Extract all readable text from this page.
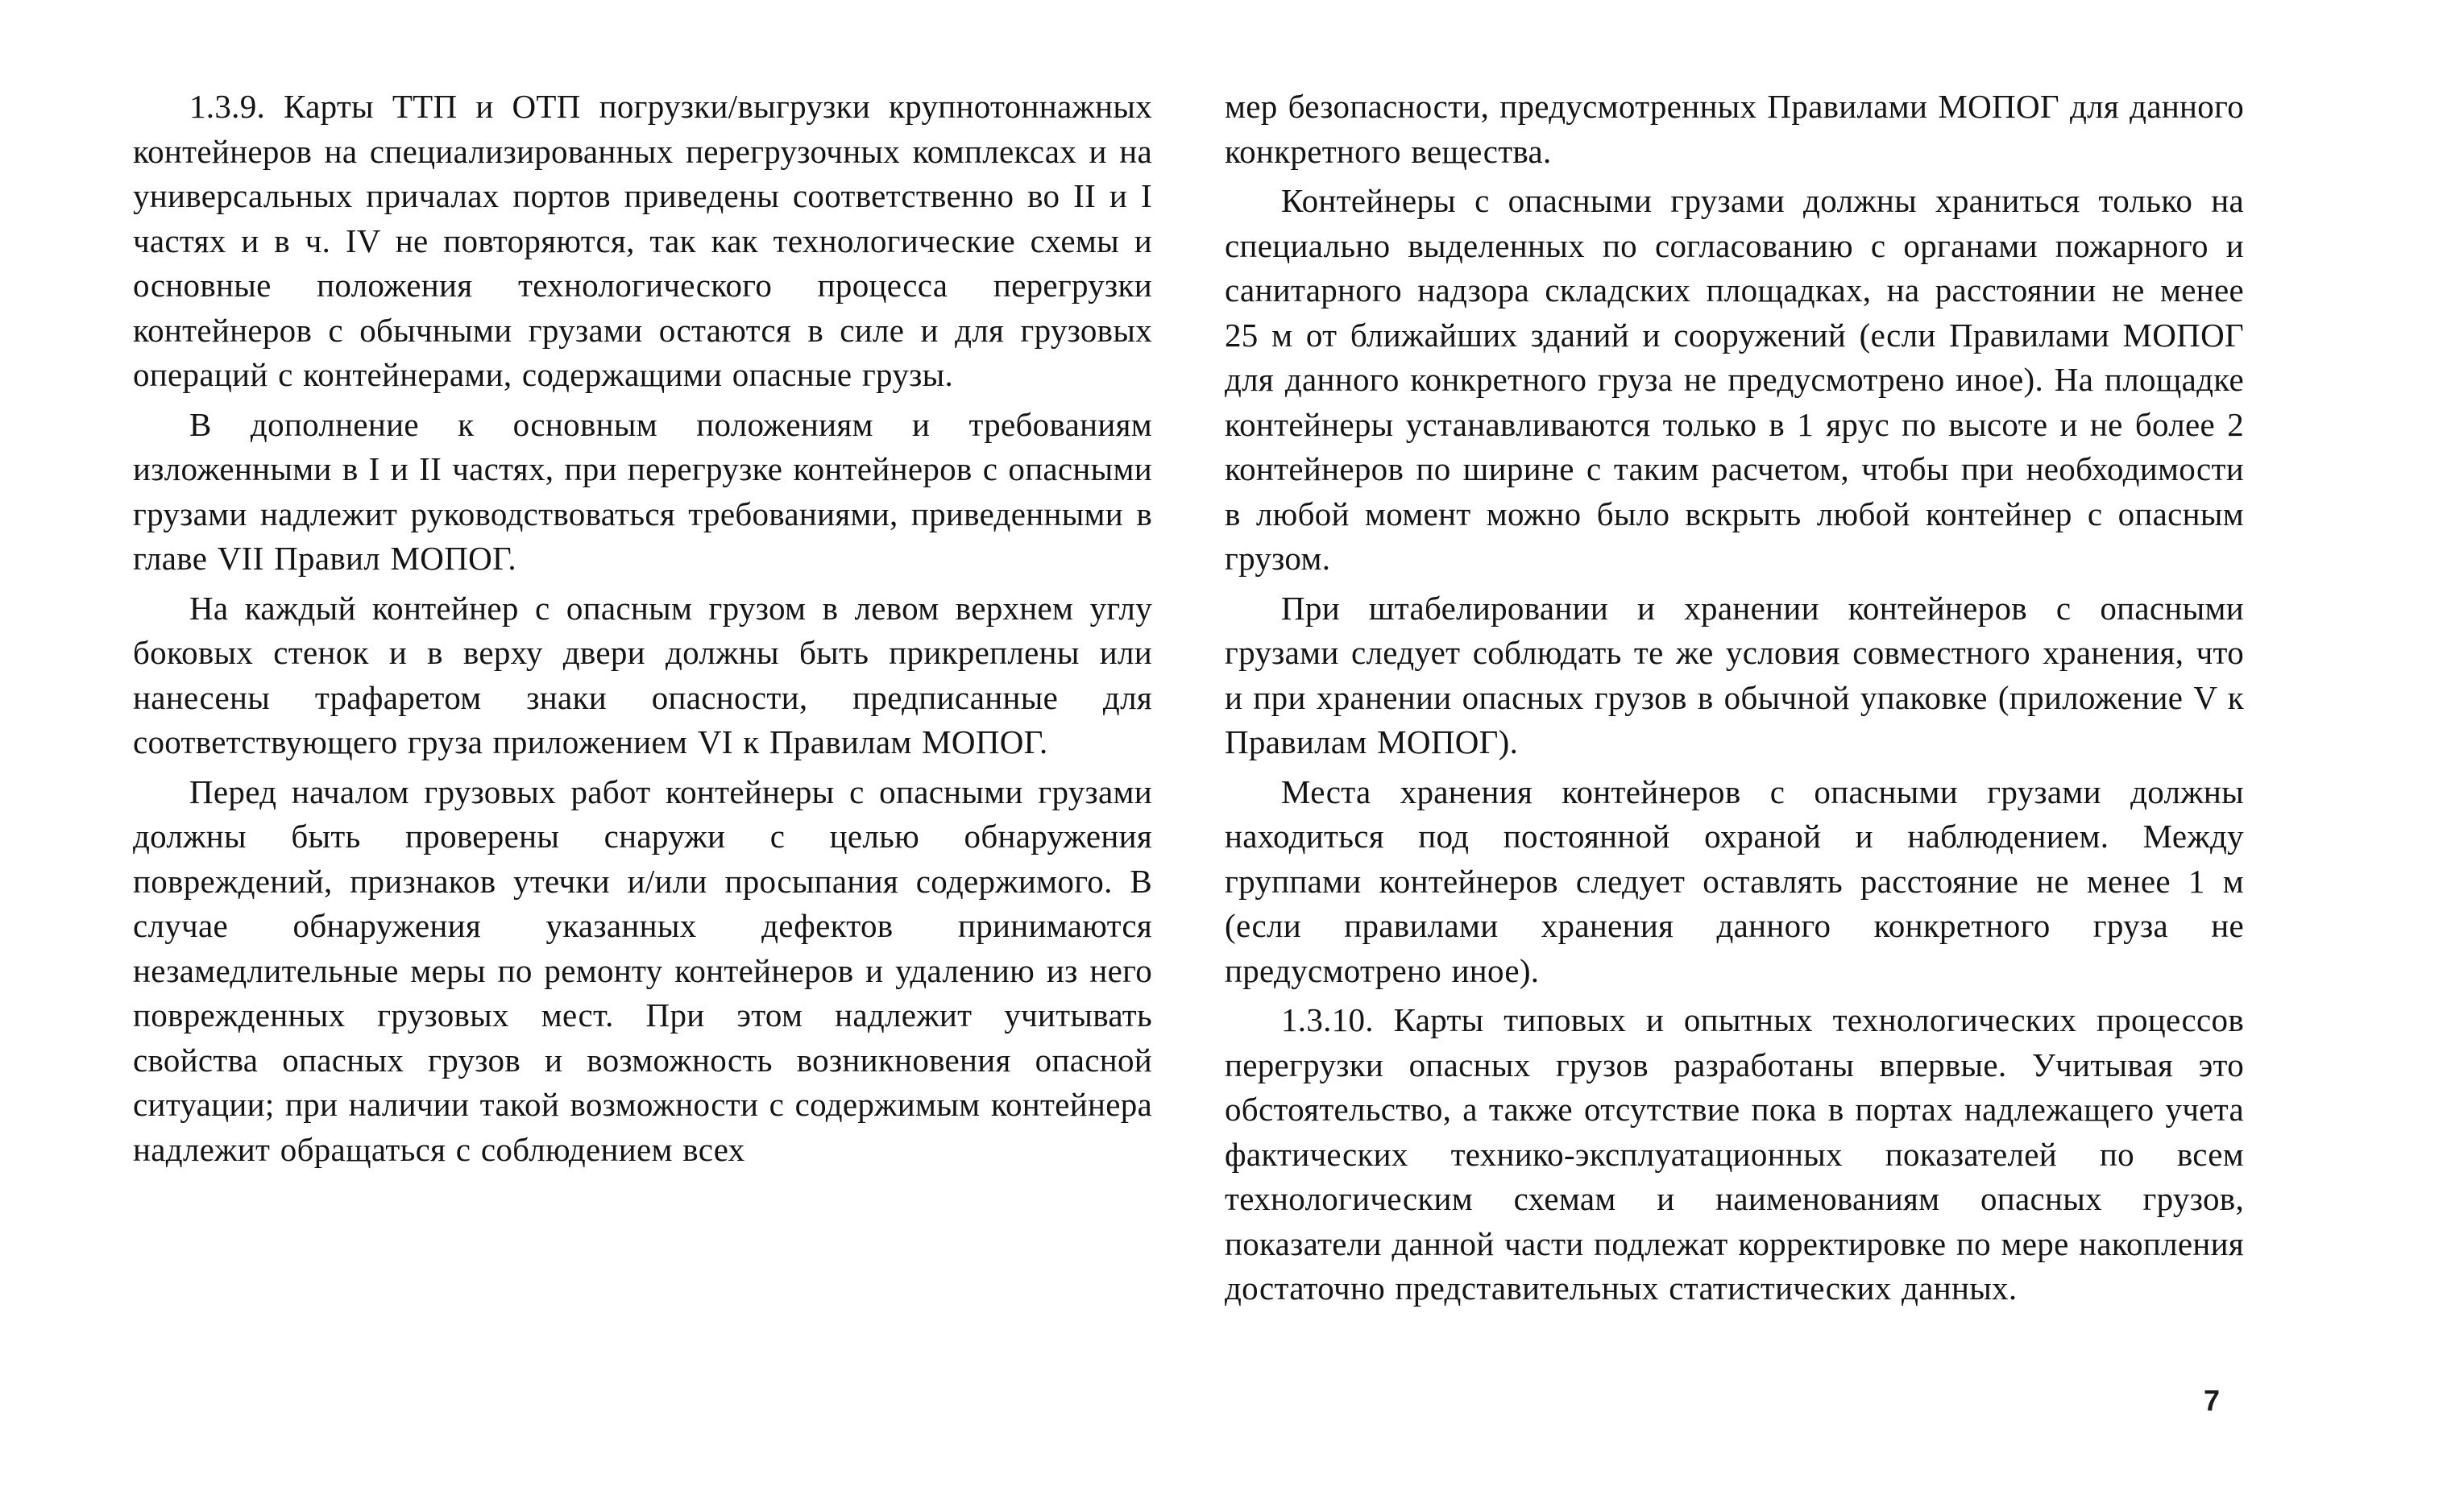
1.3.9. Карты ТТП и ОТП погрузки/выгрузки крупнотоннажных контейнеров на специализированных перегрузочных комплексах и на универсальных причалах портов приведены соответственно во II и I частях и в ч. IV не повторяются, так как технологические схемы и основные положения технологического процесса перегрузки контейнеров с обычными грузами остаются в силе и для грузовых операций с контейнерами, содержащими опасные грузы.

В дополнение к основным положениям и требованиям изложенными в I и II частях, при перегрузке контейнеров с опасными грузами надлежит руководствоваться требованиями, приведенными в главе VII Правил МОПОГ.

На каждый контейнер с опасным грузом в левом верхнем углу боковых стенок и в верху двери должны быть прикреплены или нанесены трафаретом знаки опасности, предписанные для соответствующего груза приложением VI к Правилам МОПОГ.

Перед началом грузовых работ контейнеры с опасными грузами должны быть проверены снаружи с целью обнаружения повреждений, признаков утечки и/или просыпания содержимого. В случае обнаружения указанных дефектов принимаются незамедлительные меры по ремонту контейнеров и удалению из него поврежденных грузовых мест. При этом надлежит учитывать свойства опасных грузов и возможность возникновения опасной ситуации; при наличии такой возможности с содержимым контейнера надлежит обращаться с соблюдением всех

мер безопасности, предусмотренных Правилами МОПОГ для данного конкретного вещества.

Контейнеры с опасными грузами должны храниться только на специально выделенных по согласованию с органами пожарного и санитарного надзора складских площадках, на расстоянии не менее 25 м от ближайших зданий и сооружений (если Правилами МОПОГ для данного конкретного груза не предусмотрено иное). На площадке контейнеры устанавливаются только в 1 ярус по высоте и не более 2 контейнеров по ширине с таким расчетом, чтобы при необходимости в любой момент можно было вскрыть любой контейнер с опасным грузом.

При штабелировании и хранении контейнеров с опасными грузами следует соблюдать те же условия совместного хранения, что и при хранении опасных грузов в обычной упаковке (приложение V к Правилам МОПОГ).

Места хранения контейнеров с опасными грузами должны находиться под постоянной охраной и наблюдением. Между группами контейнеров следует оставлять расстояние не менее 1 м (если правилами хранения данного конкретного груза не предусмотрено иное).

1.3.10. Карты типовых и опытных технологических процессов перегрузки опасных грузов разработаны впервые. Учитывая это обстоятельство, а также отсутствие пока в портах надлежащего учета фактических технико-эксплуатационных показателей по всем технологическим схемам и наименованиям опасных грузов, показатели данной части подлежат корректировке по мере накопления достаточно представительных статистических данных.

7
